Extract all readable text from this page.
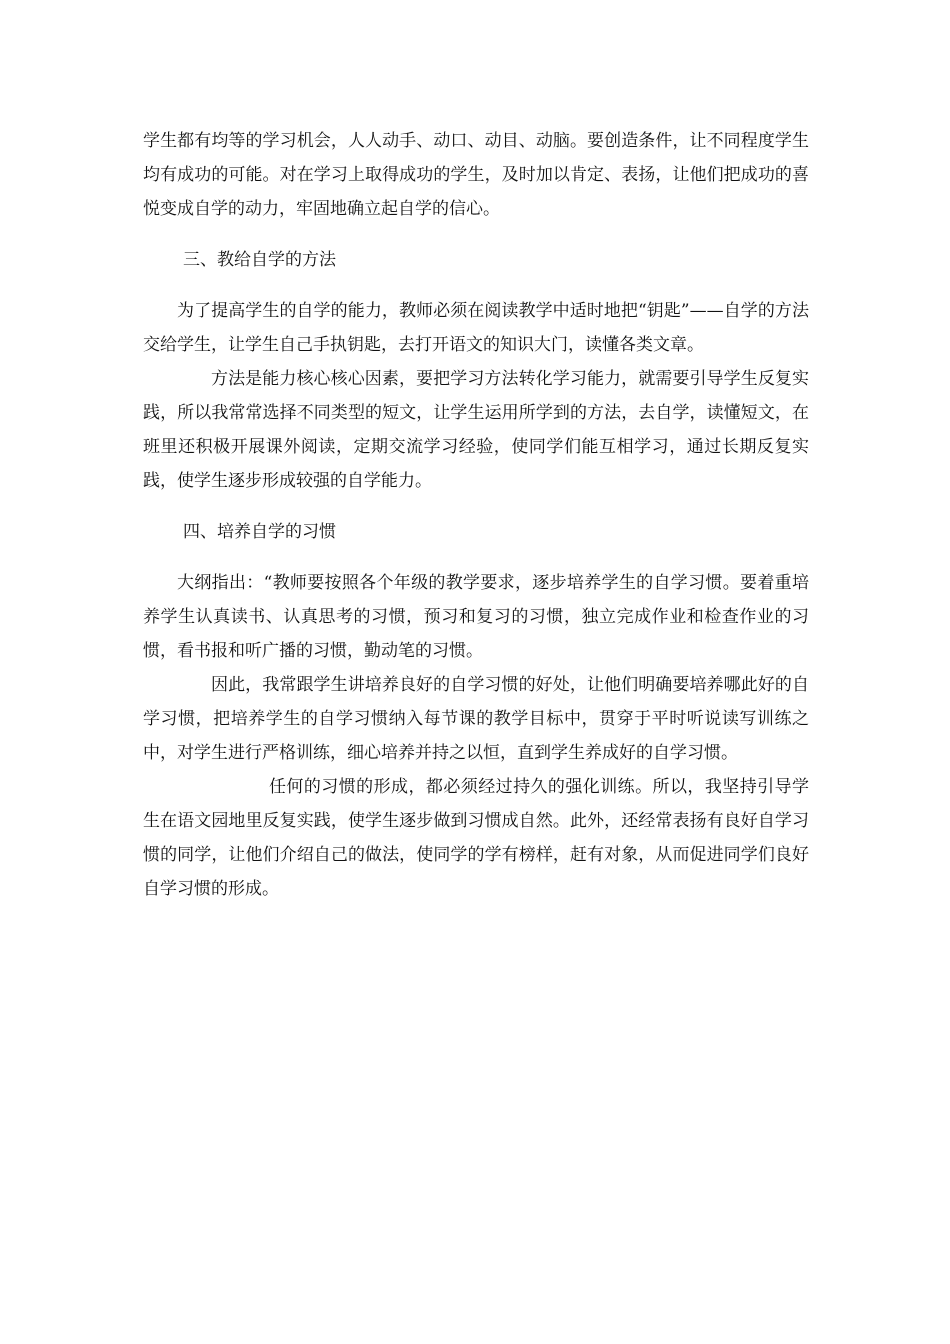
学生都有均等的学习机会，人人动手、动口、动目、动脑。要创造条件，让不同程度学生均有成功的可能。对在学习上取得成功的学生，及时加以肯定、表扬，让他们把成功的喜悦变成自学的动力，牢固地确立起自学的信心。

三、教给自学的方法

为了提高学生的自学的能力，教师必须在阅读教学中适时地把“钥匙”——自学的方法交给学生，让学生自己手执钥匙，去打开语文的知识大门，读懂各类文章。

方法是能力核心核心因素，要把学习方法转化学习能力，就需要引导学生反复实践，所以我常常选择不同类型的短文，让学生运用所学到的方法，去自学，读懂短文，在班里还积极开展课外阅读，定期交流学习经验，使同学们能互相学习，通过长期反复实践，使学生逐步形成较强的自学能力。

四、培养自学的习惯

大纲指出：“教师要按照各个年级的教学要求，逐步培养学生的自学习惯。要着重培养学生认真读书、认真思考的习惯，预习和复习的习惯，独立完成作业和检查作业的习惯，看书报和听广播的习惯，勤动笔的习惯。

因此，我常跟学生讲培养良好的自学习惯的好处，让他们明确要培养哪此好的自学习惯，把培养学生的自学习惯纳入每节课的教学目标中，贯穿于平时听说读写训练之中，对学生进行严格训练，细心培养并持之以恒，直到学生养成好的自学习惯。

任何的习惯的形成，都必须经过持久的强化训练。所以，我坚持引导学生在语文园地里反复实践，使学生逐步做到习惯成自然。此外，还经常表扬有良好自学习惯的同学，让他们介绍自己的做法，使同学的学有榜样，赶有对象，从而促进同学们良好自学习惯的形成。
